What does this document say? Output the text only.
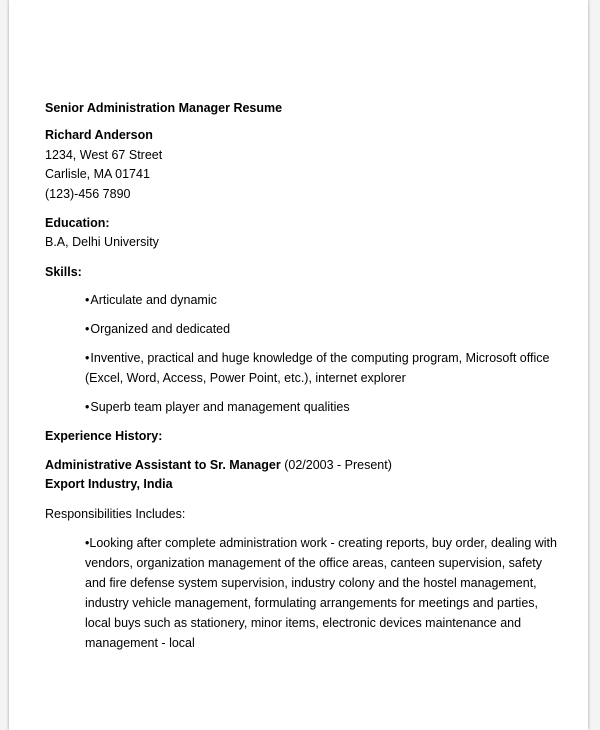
Senior Administration Manager Resume
Richard Anderson
1234, West 67 Street
Carlisle, MA 01741
(123)-456 7890
Education:
B.A, Delhi University
Skills:
•Articulate and dynamic
•Organized and dedicated
•Inventive, practical and huge knowledge of the computing program, Microsoft office (Excel, Word, Access, Power Point, etc.), internet explorer
•Superb team player and management qualities
Experience History:
Administrative Assistant to Sr. Manager (02/2003 - Present)
Export Industry, India
Responsibilities Includes:
•Looking after complete administration work - creating reports, buy order, dealing with vendors, organization management of the office areas, canteen supervision, safety and fire defense system supervision, industry colony and the hostel management, industry vehicle management, formulating arrangements for meetings and parties, local buys such as stationery, minor items, electronic devices maintenance and management - local
